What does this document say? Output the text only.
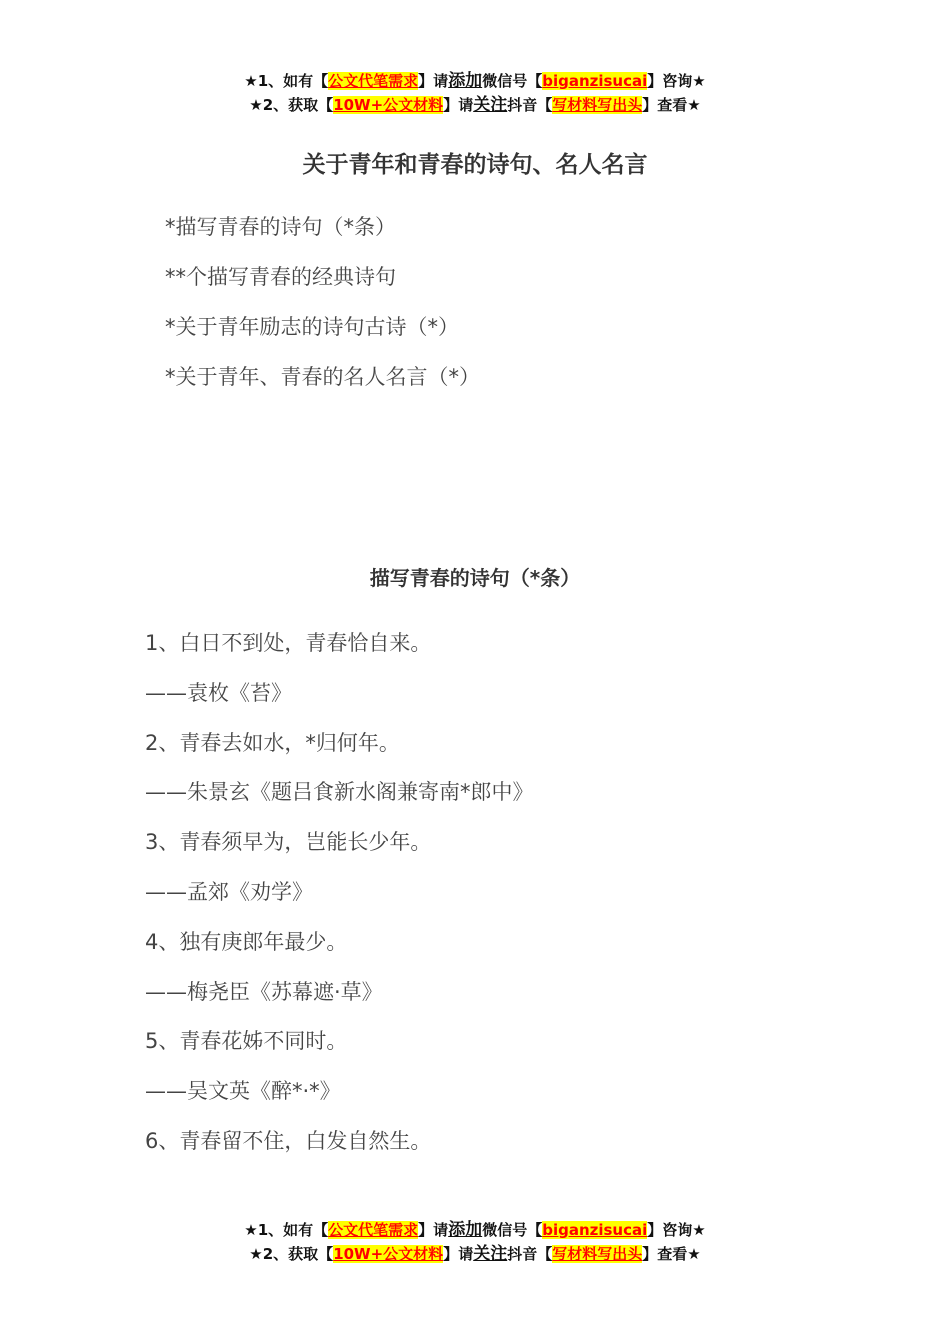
★1、如有【公文代笔需求】请添加微信号【biganzisucai】咨询★
★2、获取【10W+公文材料】请关注抖音【写材料写出头】查看★
关于青年和青春的诗句、名人名言
*描写青春的诗句（*条）
**个描写青春的经典诗句
*关于青年励志的诗句古诗（*）
*关于青年、青春的名人名言（*）
描写青春的诗句（*条）
1、白日不到处，青春恰自来。
——袁枚《苔》
2、青春去如水，*归何年。
——朱景玄《题吕食新水阁兼寄南*郎中》
3、青春须早为，岂能长少年。
——孟郊《劝学》
4、独有庚郎年最少。
——梅尧臣《苏幕遮·草》
5、青春花姊不同时。
——吴文英《醉*·*》
6、青春留不住，白发自然生。
★1、如有【公文代笔需求】请添加微信号【biganzisucai】咨询★
★2、获取【10W+公文材料】请关注抖音【写材料写出头】查看★
